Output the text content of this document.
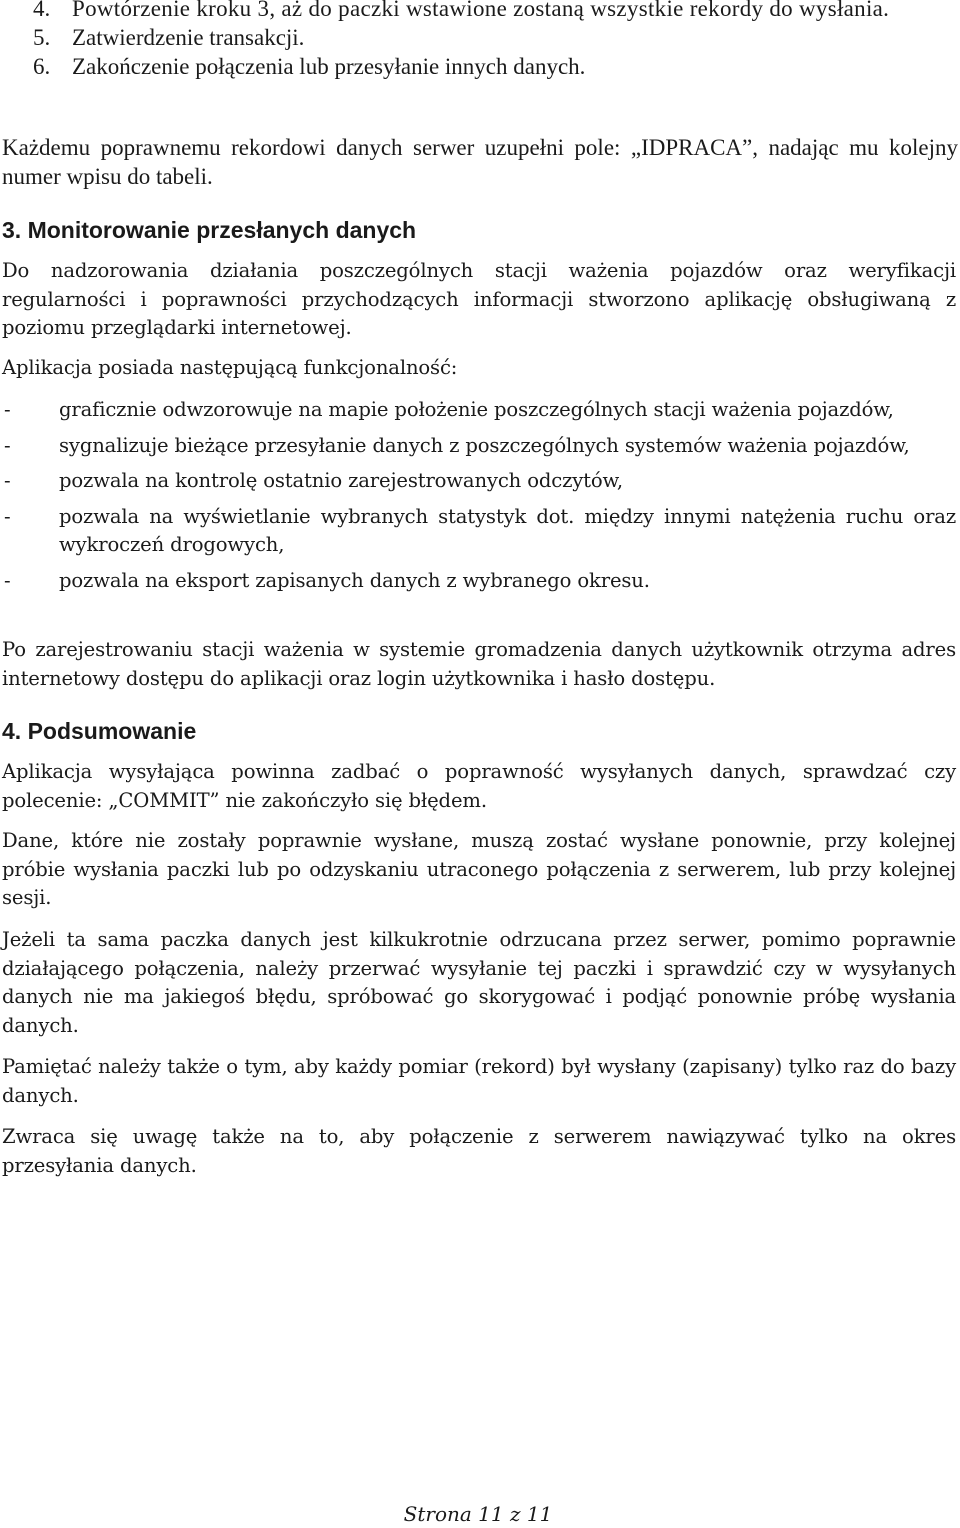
4. Powtórzenie kroku 3, aż do paczki wstawione zostaną wszystkie rekordy do wysłania.
5. Zatwierdzenie transakcji.
6. Zakończenie połączenia lub przesyłanie innych danych.

Każdemu poprawnemu rekordowi danych serwer uzupełni pole: „IDPRACA”, nadając mu kolejny numer wpisu do tabeli.

3. Monitorowanie przesłanych danych

Do nadzorowania działania poszczególnych stacji ważenia pojazdów oraz weryfikacji regularności i poprawności przychodzących informacji stworzono aplikację obsługiwaną z poziomu przeglądarki internetowej.

Aplikacja posiada następującą funkcjonalność:

-	graficznie odwzorowuje na mapie położenie poszczególnych stacji ważenia pojazdów,
-	sygnalizuje bieżące przesyłanie danych z poszczególnych systemów ważenia pojazdów,
-	pozwala na kontrolę ostatnio zarejestrowanych odczytów,
-	pozwala na wyświetlanie wybranych statystyk dot. między innymi natężenia ruchu oraz wykroczeń drogowych,
-	pozwala na eksport zapisanych danych z wybranego okresu.

Po zarejestrowaniu stacji ważenia w systemie gromadzenia danych użytkownik otrzyma adres internetowy dostępu do aplikacji oraz login użytkownika i hasło dostępu.

4. Podsumowanie

Aplikacja wysyłająca powinna zadbać o poprawność wysyłanych danych, sprawdzać czy polecenie: „COMMIT” nie zakończyło się błędem.

Dane, które nie zostały poprawnie wysłane, muszą zostać wysłane ponownie, przy kolejnej próbie wysłania paczki lub po odzyskaniu utraconego połączenia z serwerem, lub przy kolejnej sesji.

Jeżeli ta sama paczka danych jest kilkukrotnie odrzucana przez serwer, pomimo poprawnie działającego połączenia, należy przerwać wysyłanie tej paczki i sprawdzić czy w wysyłanych danych nie ma jakiegoś błędu, spróbować go skorygować i podjąć ponownie próbę wysłania danych.

Pamiętać należy także o tym, aby każdy pomiar (rekord) był wysłany (zapisany) tylko raz do bazy danych.

Zwraca się uwagę także na to, aby połączenie z serwerem nawiązywać tylko na okres przesyłania danych.

Strona 11 z 11
